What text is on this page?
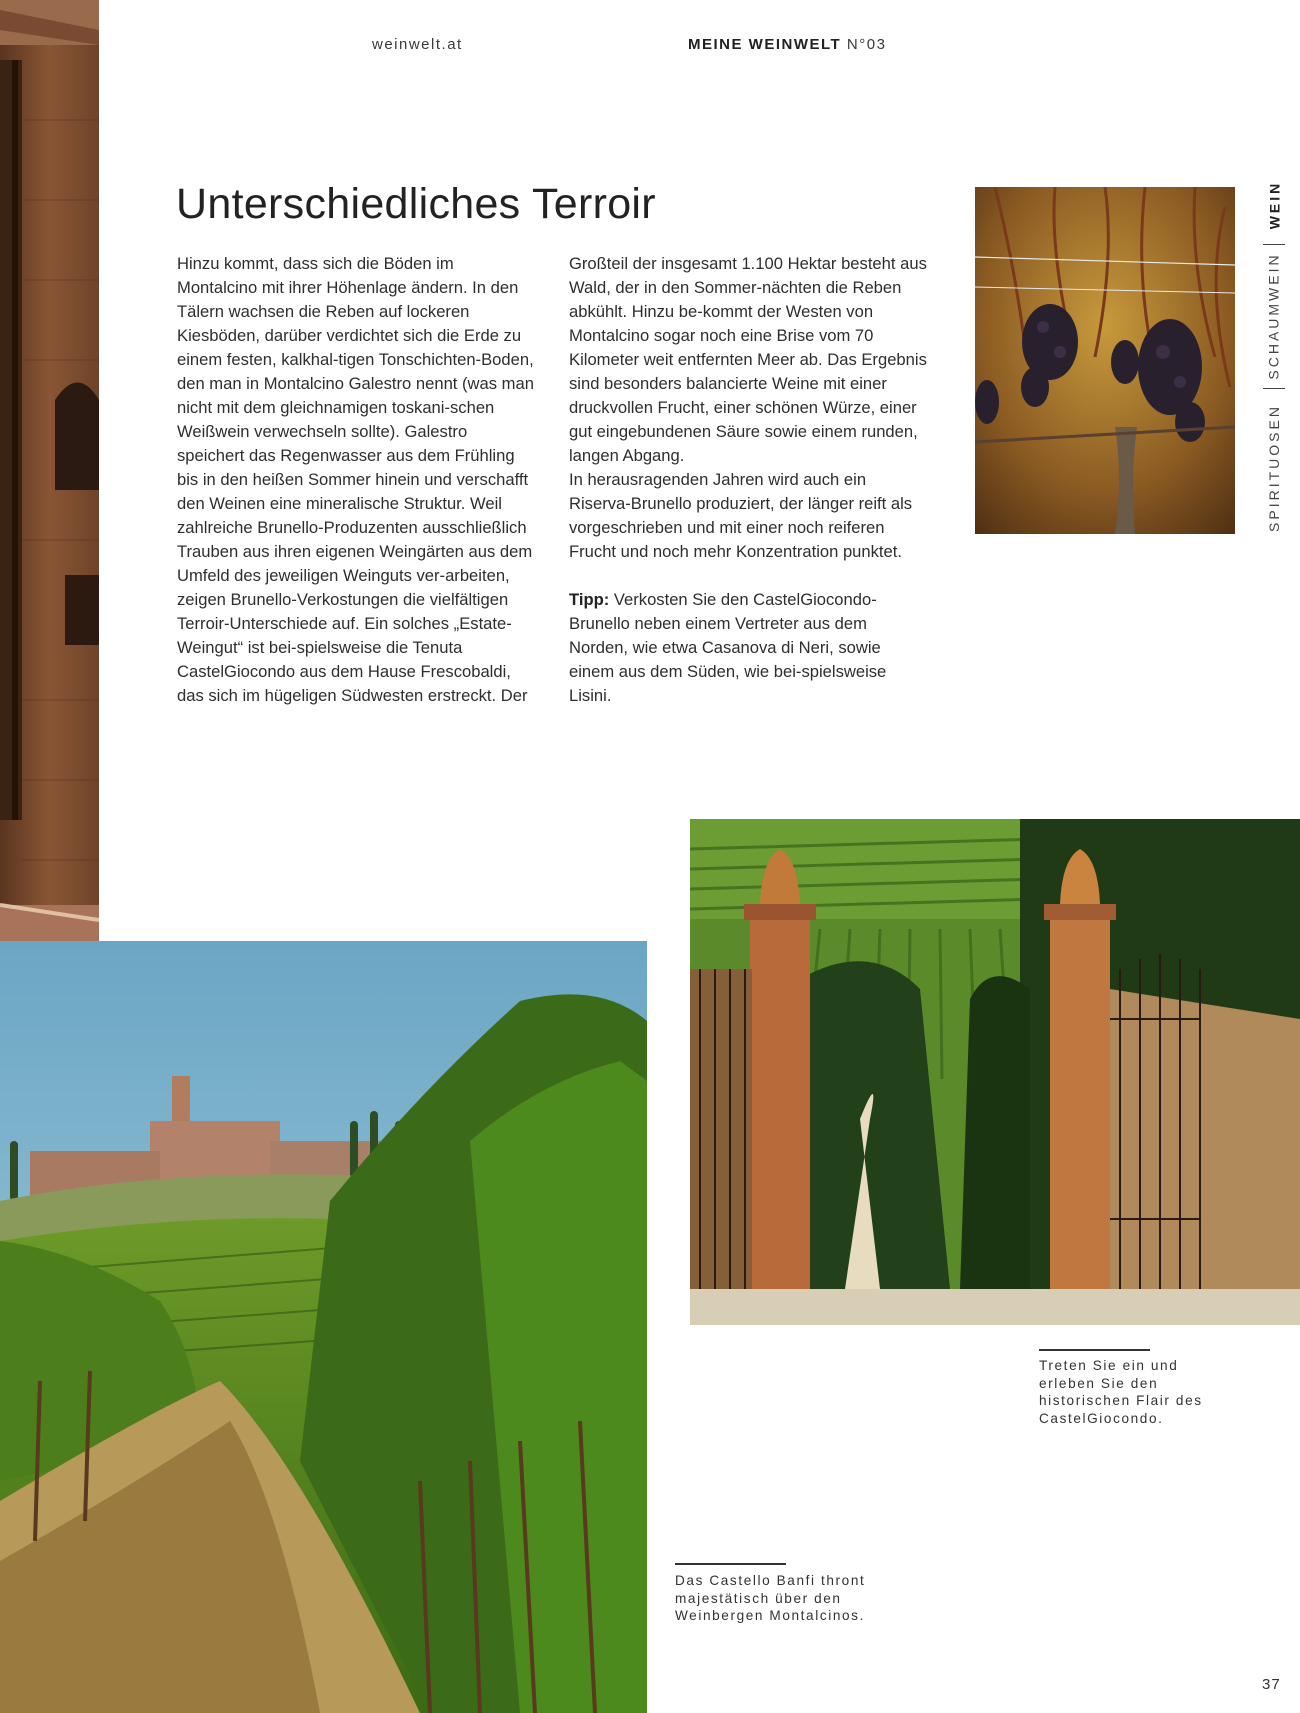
weinwelt.at	MEINE WEINWELT N°03
Unterschiedliches Terroir

Hinzu kommt, dass sich die Böden im Montalcino mit ihrer Höhenlage ändern. In den Tälern wachsen die Reben auf lockeren Kiesböden, darüber verdichtet sich die Erde zu einem festen, kalkhal-tigen Tonschichten-Boden, den man in Montalcino Galestro nennt (was man nicht mit dem gleichnamigen toskani-schen Weißwein verwechseln sollte). Galestro speichert das Regenwasser aus dem Frühling bis in den heißen Sommer hinein und verschafft den Weinen eine mineralische Struktur. Weil zahlreiche Brunello-Produzenten ausschließlich Trauben aus ihren eigenen Weingärten aus dem Umfeld des jeweiligen Weinguts ver-arbeiten, zeigen Brunello-Verkostungen die vielfältigen Terroir-Unterschiede auf. Ein solches „Estate-Weingut“ ist bei-spielsweise die Tenuta CastelGiocondo aus dem Hause Frescobaldi, das sich im hügeligen Südwesten erstreckt. Der

Großteil der insgesamt 1.100 Hektar besteht aus Wald, der in den Sommer-nächten die Reben abkühlt. Hinzu be-kommt der Westen von Montalcino sogar noch eine Brise vom 70 Kilometer weit entfernten Meer ab. Das Ergebnis sind besonders balancierte Weine mit einer druckvollen Frucht, einer schönen Würze, einer gut eingebundenen Säure sowie einem runden, langen Abgang.

In herausragenden Jahren wird auch ein Riserva-Brunello produziert, der länger reift als vorgeschrieben und mit einer noch reiferen Frucht und noch mehr Konzentration punktet.

Tipp: Verkosten Sie den CastelGiocondo-Brunello neben einem Vertreter aus dem Norden, wie etwa Casanova di Neri, sowie einem aus dem Süden, wie bei-spielsweise Lisini.

WEIN
SCHAUMWEIN
SPIRITUOSEN
Treten Sie ein und erleben Sie den historischen Flair des CastelGiocondo.
Das Castello Banfi thront majestätisch über den Weinbergen Montalcinos.
37
